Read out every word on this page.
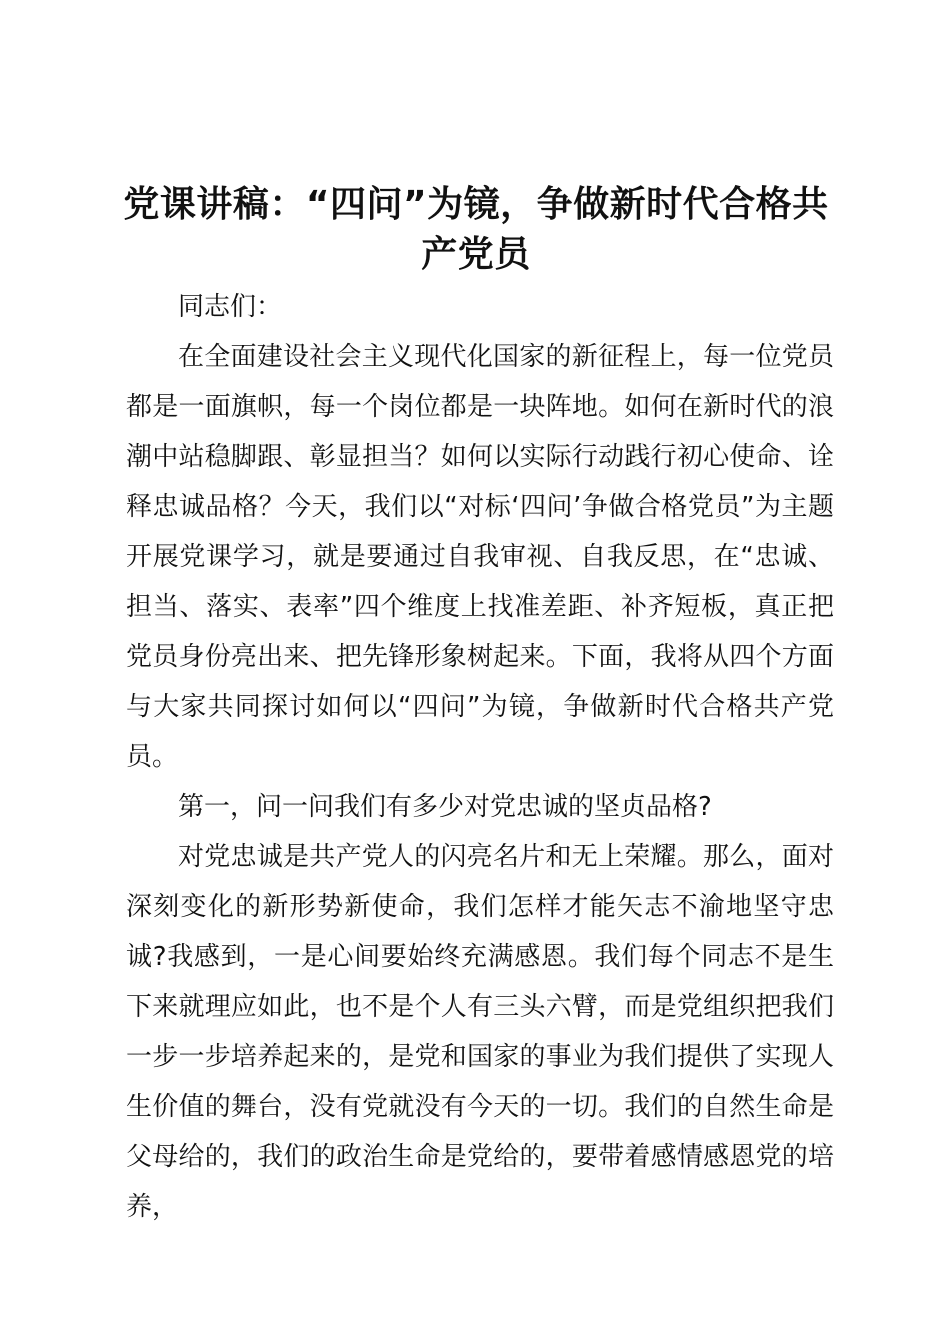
党课讲稿：“四问”为镜，争做新时代合格共
产党员

同志们：

在全面建设社会主义现代化国家的新征程上，每一位党员都是一面旗帜，每一个岗位都是一块阵地。如何在新时代的浪潮中站稳脚跟、彰显担当？如何以实际行动践行初心使命、诠释忠诚品格？今天，我们以“对标‘四问’争做合格党员”为主题开展党课学习，就是要通过自我审视、自我反思，在“忠诚、担当、落实、表率”四个维度上找准差距、补齐短板，真正把党员身份亮出来、把先锋形象树起来。下面，我将从四个方面与大家共同探讨如何以“四问”为镜，争做新时代合格共产党员。

第一，问一问我们有多少对党忠诚的坚贞品格?

对党忠诚是共产党人的闪亮名片和无上荣耀。那么，面对深刻变化的新形势新使命，我们怎样才能矢志不渝地坚守忠诚?我感到，一是心间要始终充满感恩。我们每个同志不是生下来就理应如此，也不是个人有三头六臂，而是党组织把我们一步一步培养起来的，是党和国家的事业为我们提供了实现人生价值的舞台，没有党就没有今天的一切。我们的自然生命是父母给的，我们的政治生命是党给的，要带着感情感恩党的培养，
